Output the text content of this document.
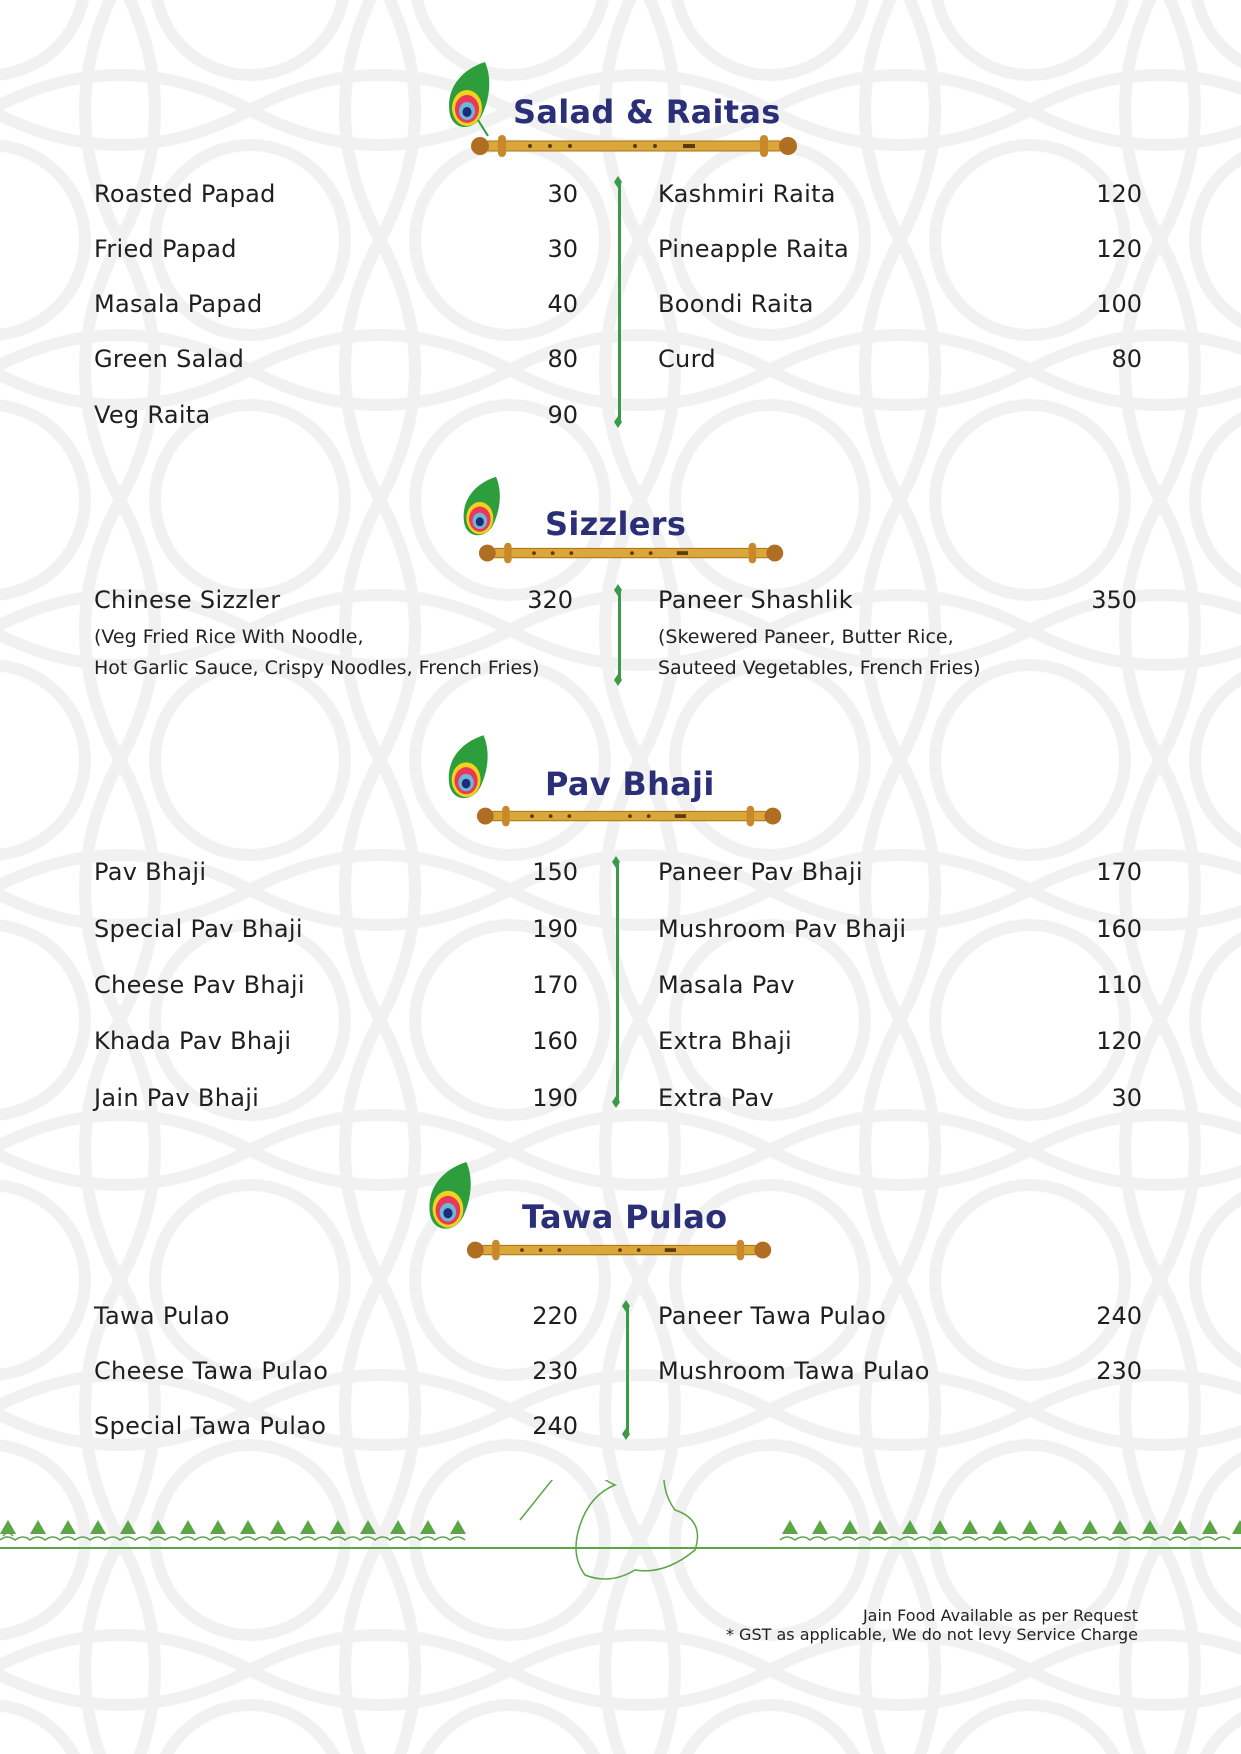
Salad & Raitas
Roasted Papad	30
Fried Papad	30
Masala Papad	40
Green Salad	80
Veg Raita	90
Kashmiri Raita	120
Pineapple Raita	120
Boondi Raita	100
Curd	80
Sizzlers
Chinese Sizzler	320
(Veg Fried Rice With Noodle,
Hot Garlic Sauce, Crispy Noodles, French Fries)
Paneer Shashlik	350
(Skewered Paneer, Butter Rice,
Sauteed Vegetables, French Fries)
Pav Bhaji
Pav Bhaji	150
Special Pav Bhaji	190
Cheese Pav Bhaji	170
Khada Pav Bhaji	160
Jain Pav Bhaji	190
Paneer Pav Bhaji	170
Mushroom Pav Bhaji	160
Masala Pav	110
Extra Bhaji	120
Extra Pav	30
Tawa Pulao
Tawa Pulao	220
Cheese Tawa Pulao	230
Special Tawa Pulao	240
Paneer Tawa Pulao	240
Mushroom Tawa Pulao	230
Jain Food Available as per Request
* GST as applicable, We do not levy Service Charge
